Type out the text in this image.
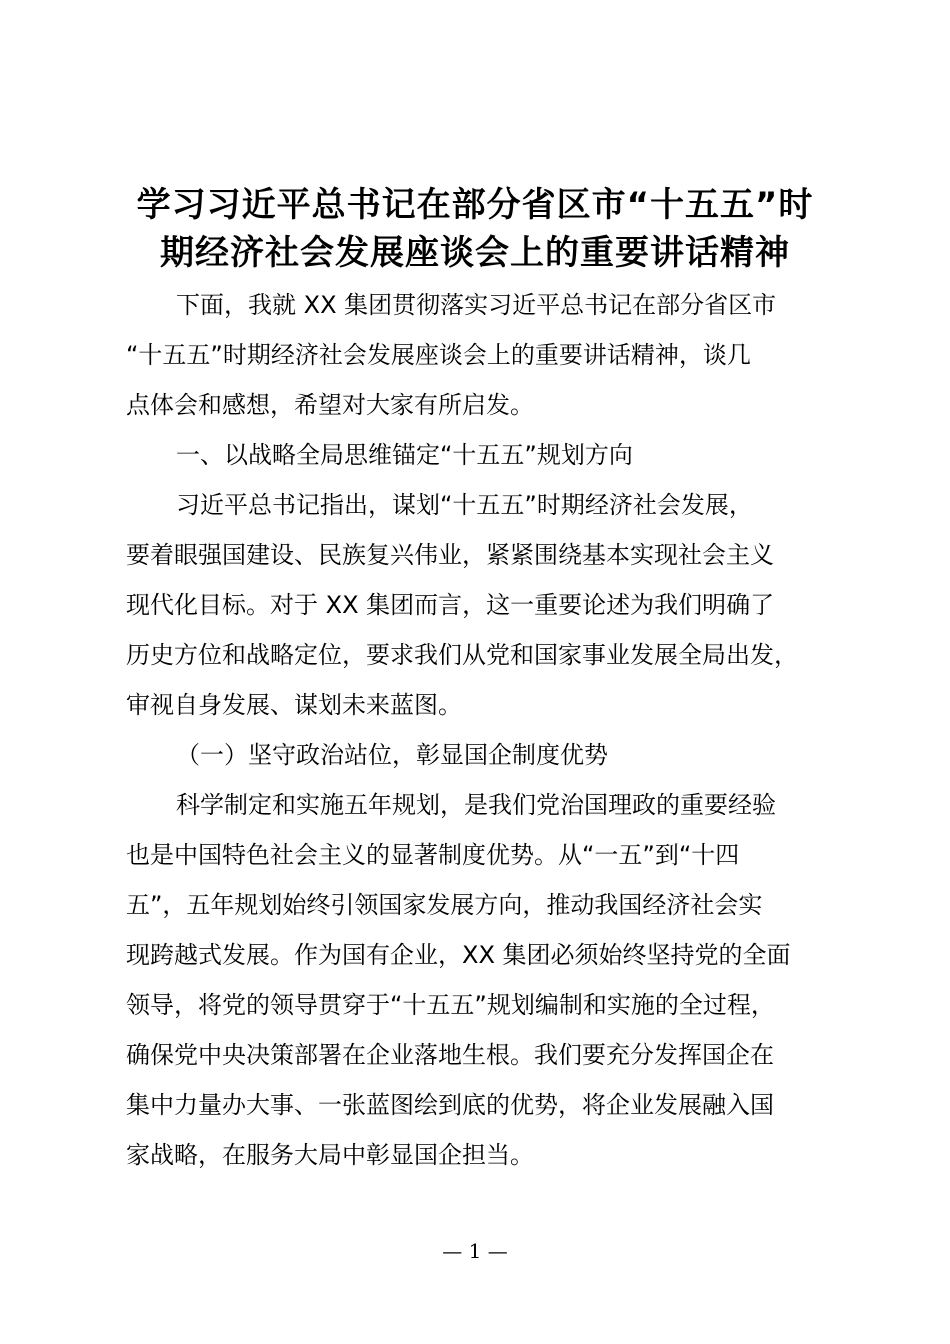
学习习近平总书记在部分省区市“十五五”时
期经济社会发展座谈会上的重要讲话精神
下面，我就 XX 集团贯彻落实习近平总书记在部分省区市
“十五五”时期经济社会发展座谈会上的重要讲话精神，谈几
点体会和感想，希望对大家有所启发。
一、以战略全局思维锚定“十五五”规划方向
习近平总书记指出，谋划“十五五”时期经济社会发展，
要着眼强国建设、民族复兴伟业，紧紧围绕基本实现社会主义
现代化目标。对于 XX 集团而言，这一重要论述为我们明确了
历史方位和战略定位，要求我们从党和国家事业发展全局出发，
审视自身发展、谋划未来蓝图。
（一）坚守政治站位，彰显国企制度优势
科学制定和实施五年规划，是我们党治国理政的重要经验
也是中国特色社会主义的显著制度优势。从“一五”到“十四
五”，五年规划始终引领国家发展方向，推动我国经济社会实
现跨越式发展。作为国有企业，XX 集团必须始终坚持党的全面
领导，将党的领导贯穿于“十五五”规划编制和实施的全过程，
确保党中央决策部署在企业落地生根。我们要充分发挥国企在
集中力量办大事、一张蓝图绘到底的优势，将企业发展融入国
家战略，在服务大局中彰显国企担当。
— 1 —
